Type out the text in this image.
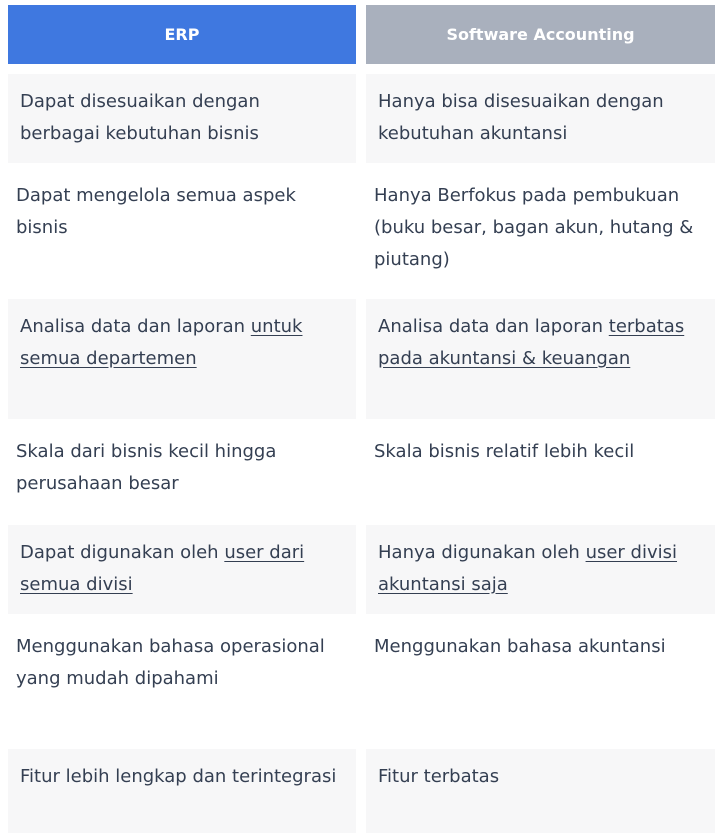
ERP	Software Accounting
Dapat disesuaikan dengan berbagai kebutuhan bisnis
Hanya bisa disesuaikan dengan kebutuhan akuntansi
Dapat mengelola semua aspek bisnis
Hanya Berfokus pada pembukuan (buku besar, bagan akun, hutang & piutang)
Analisa data dan laporan untuk semua departemen
Analisa data dan laporan terbatas pada akuntansi & keuangan
Skala dari bisnis kecil hingga perusahaan besar
Skala bisnis relatif lebih kecil
Dapat digunakan oleh user dari semua divisi
Hanya digunakan oleh user divisi akuntansi saja
Menggunakan bahasa operasional yang mudah dipahami
Menggunakan bahasa akuntansi
Fitur lebih lengkap dan terintegrasi	Fitur terbatas
